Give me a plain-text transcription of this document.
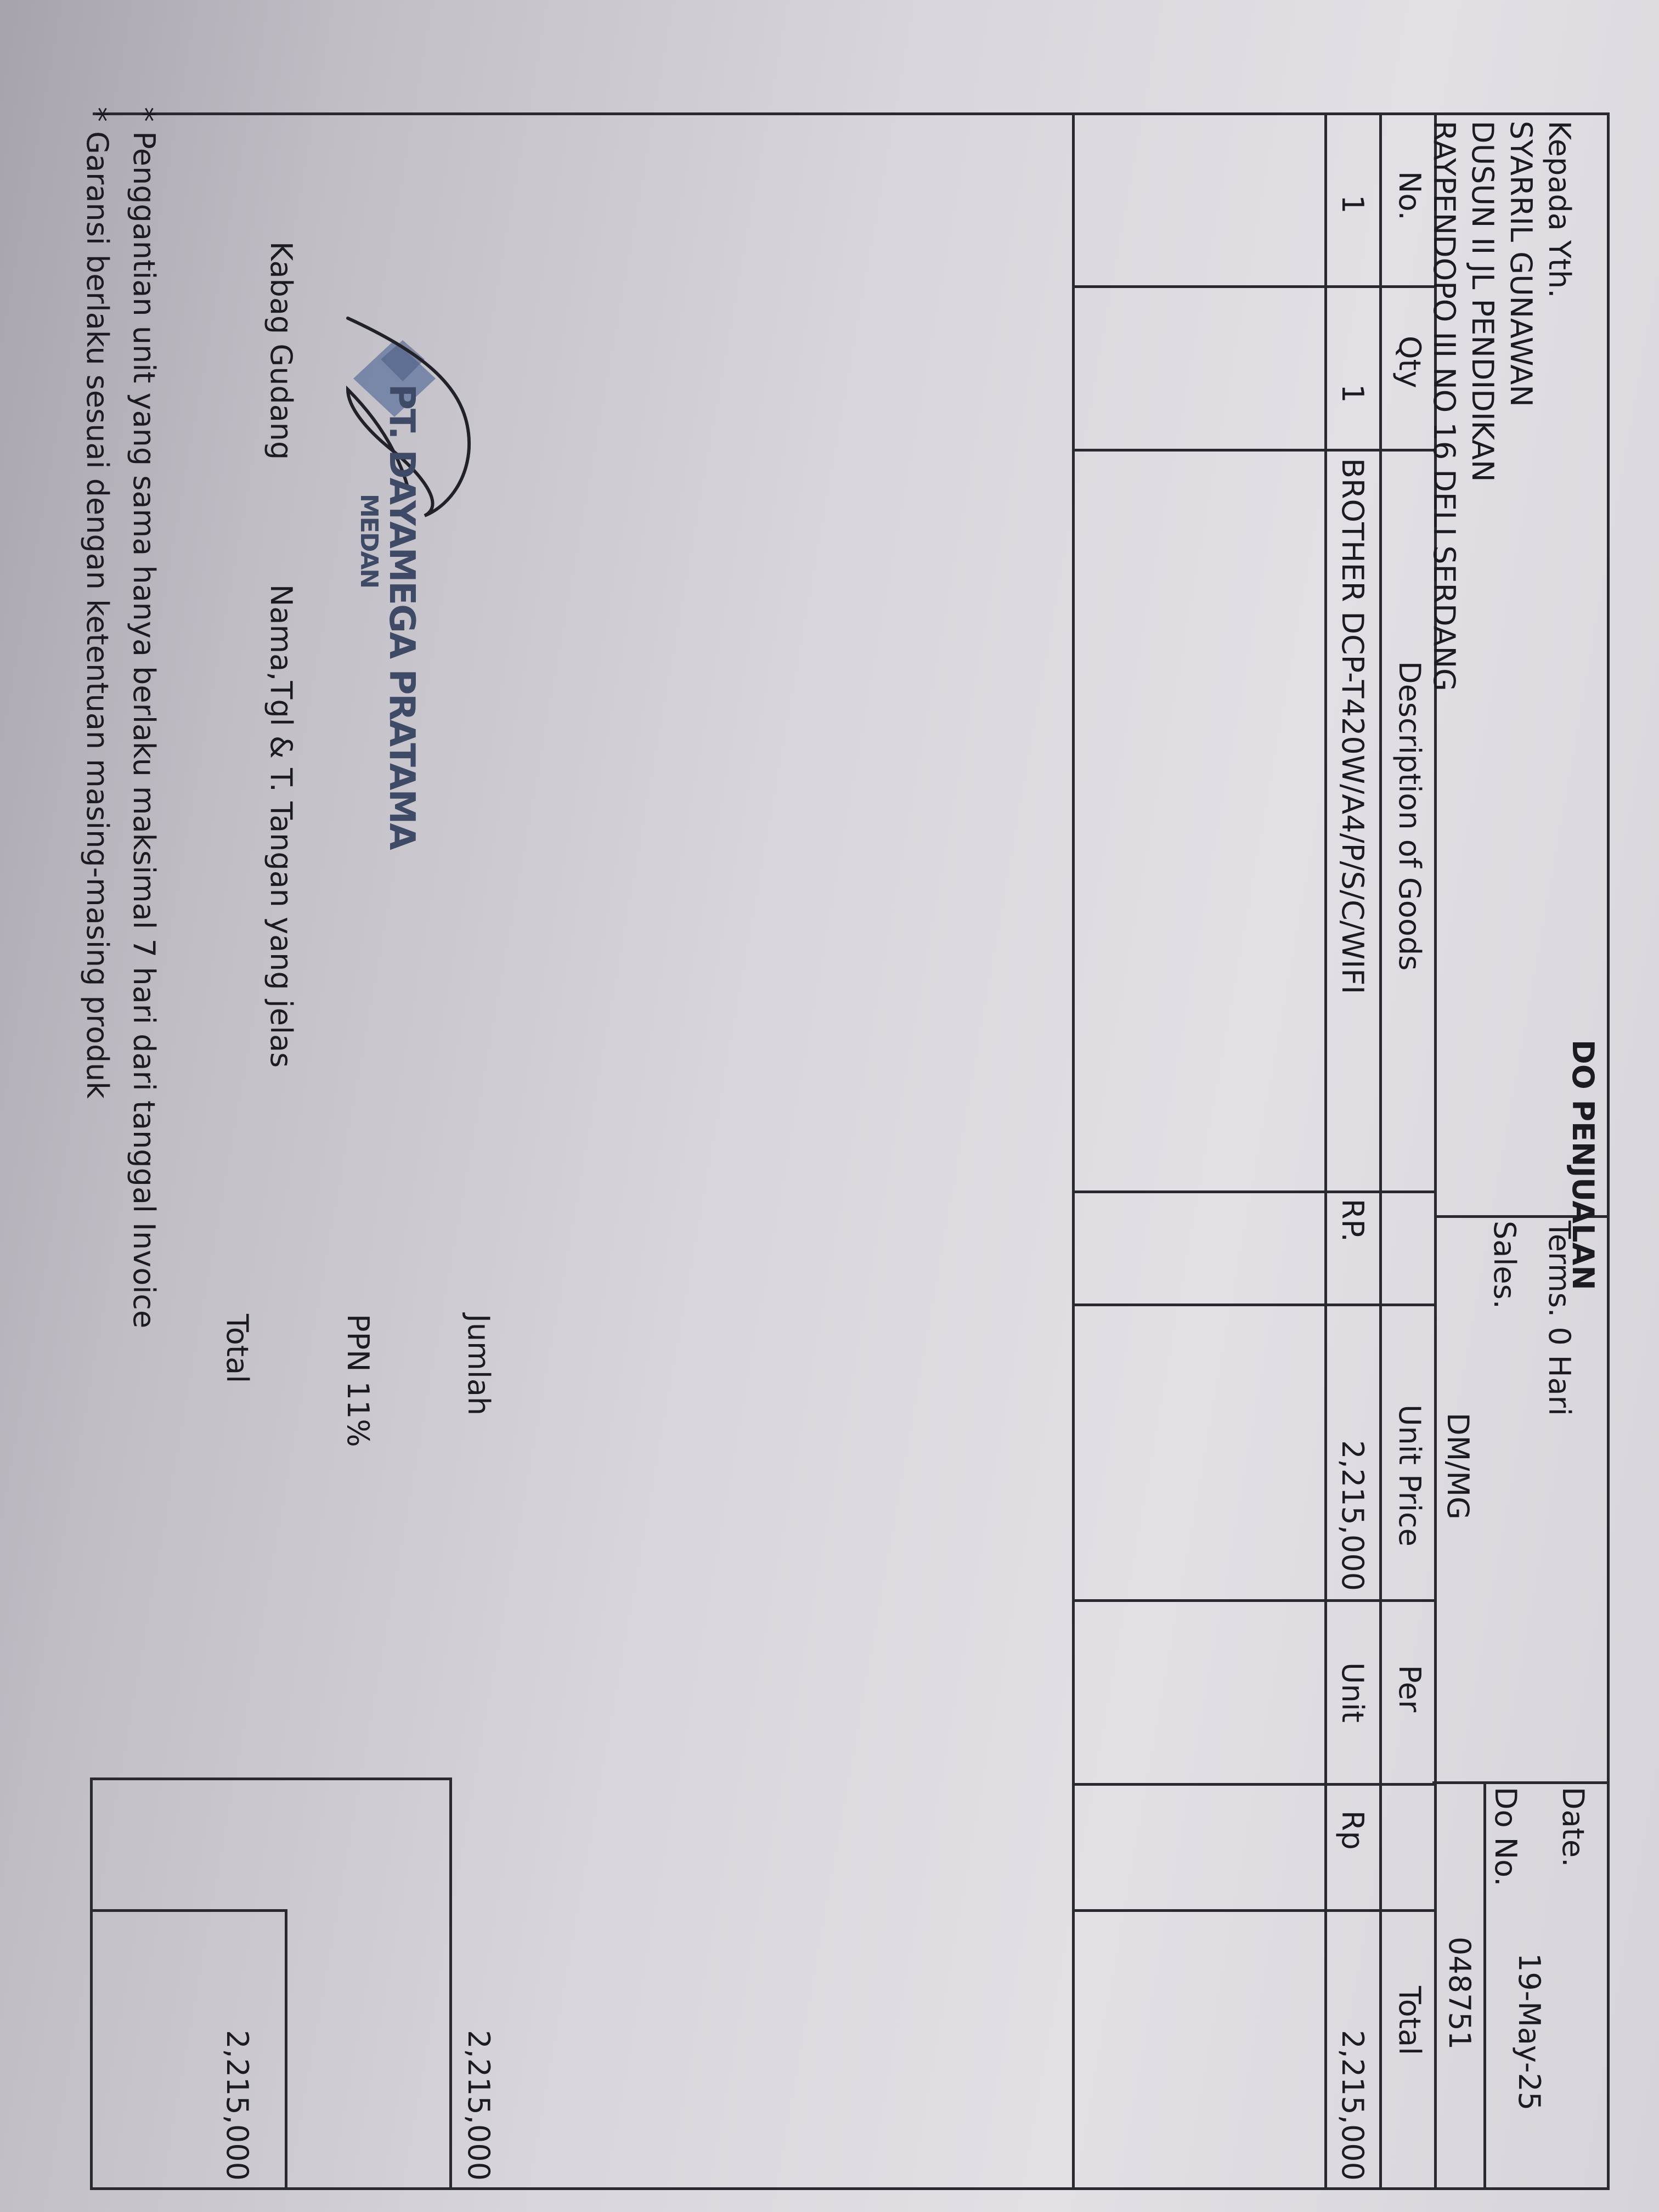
DO PENJUALAN
Kepada Yth.
SYARRIL GUNAWAN
DUSUN II JL PENDIDIKAN
RAYPENDOPO III NO 16 DELI SERDANG
Terms. 0 Hari
Sales.
DM/MG
Date.
19-May-25
Do No.
048751
No.
Qty
Description of Goods
Unit Price
Per
Total
1
1
BROTHER DCP-T420W/A4/P/S/C/WIFI
RP.
2,215,000
Unit
Rp
2,215,000
Jumlah
2,215,000
PPN 11%
Total
2,215,000
PT. DAYAMEGA PRATAMA
MEDAN
Kabag Gudang
Nama,Tgl & T. Tangan yang jelas
* Penggantian unit yang sama hanya berlaku maksimal 7 hari dari tanggal Invoice
* Garansi berlaku sesuai dengan ketentuan masing-masing produk
